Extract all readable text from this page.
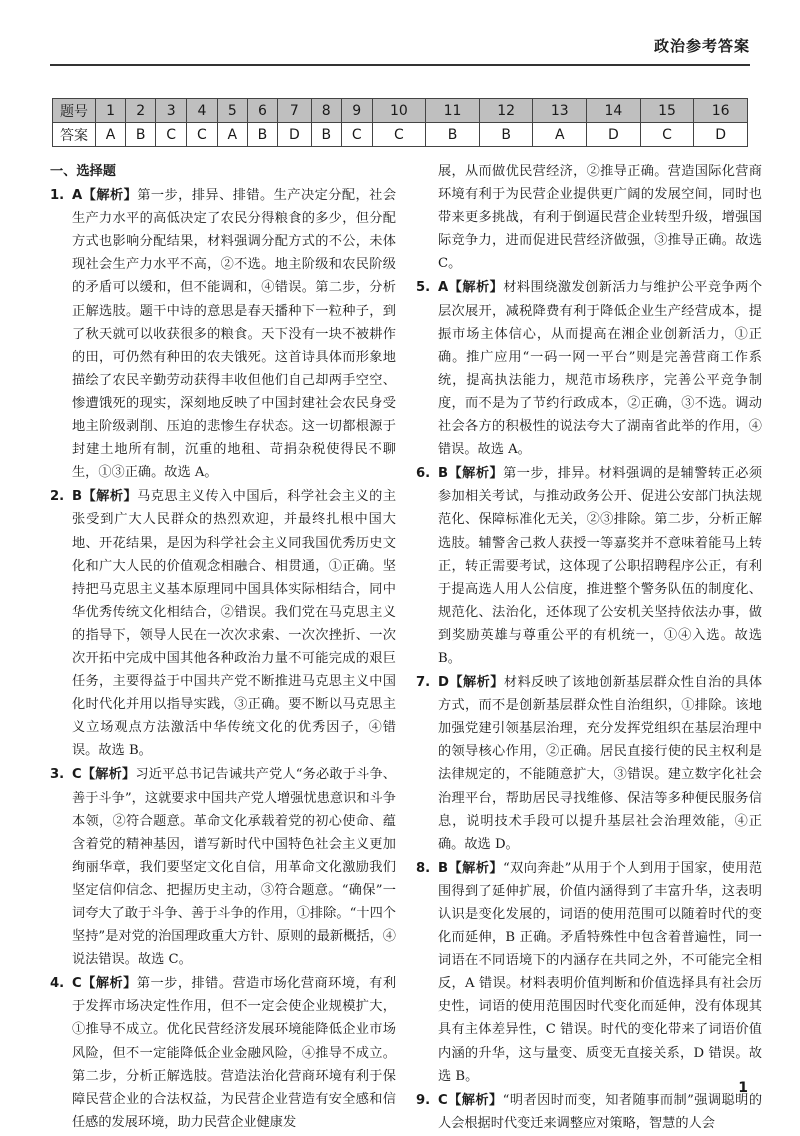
政治参考答案
题号	1	2	3	4	5	6	7	8	9	10	11	12	13	14	15	16
答案	A	B	C	C	A	B	D	B	C	C	B	B	A	D	C	D
一、选择题

1. A【解析】第一步，排异、排错。生产决定分配，社会生产力水平的高低决定了农民分得粮食的多少，但分配方式也影响分配结果，材料强调分配方式的不公，未体现社会生产力水平不高，②不选。地主阶级和农民阶级的矛盾可以缓和，但不能调和，④错误。第二步，分析正解选肢。题干中诗的意思是春天播种下一粒种子，到了秋天就可以收获很多的粮食。天下没有一块不被耕作的田，可仍然有种田的农夫饿死。这首诗具体而形象地描绘了农民辛勤劳动获得丰收但他们自己却两手空空、惨遭饿死的现实，深刻地反映了中国封建社会农民身受地主阶级剥削、压迫的悲惨生存状态。这一切都根源于封建土地所有制，沉重的地租、苛捐杂税使得民不聊生，①③正确。故选 A。

2. B【解析】马克思主义传入中国后，科学社会主义的主张受到广大人民群众的热烈欢迎，并最终扎根中国大地、开花结果，是因为科学社会主义同我国优秀历史文化和广大人民的价值观念相融合、相贯通，①正确。坚持把马克思主义基本原理同中国具体实际相结合，同中华优秀传统文化相结合，②错误。我们党在马克思主义的指导下，领导人民在一次次求索、一次次挫折、一次次开拓中完成中国其他各种政治力量不可能完成的艰巨任务，主要得益于中国共产党不断推进马克思主义中国化时代化并用以指导实践，③正确。要不断以马克思主义立场观点方法激活中华传统文化的优秀因子，④错误。故选 B。

3. C【解析】习近平总书记告诫共产党人“务必敢于斗争、善于斗争”，这就要求中国共产党人增强忧患意识和斗争本领，②符合题意。革命文化承载着党的初心使命、蕴含着党的精神基因，谱写新时代中国特色社会主义更加绚丽华章，我们要坚定文化自信，用革命文化激励我们坚定信仰信念、把握历史主动，③符合题意。“确保”一词夸大了敢于斗争、善于斗争的作用，①排除。“十四个坚持”是对党的治国理政重大方针、原则的最新概括，④说法错误。故选 C。

4. C【解析】第一步，排错。营造市场化营商环境，有利于发挥市场决定性作用，但不一定会使企业规模扩大，①推导不成立。优化民营经济发展环境能降低企业市场风险，但不一定能降低企业金融风险，④推导不成立。第二步，分析正解选肢。营造法治化营商环境有利于保障民营企业的合法权益，为民营企业营造有安全感和信任感的发展环境，助力民营企业健康发

展，从而做优民营经济，②推导正确。营造国际化营商环境有利于为民营企业提供更广阔的发展空间，同时也带来更多挑战，有利于倒逼民营企业转型升级，增强国际竞争力，进而促进民营经济做强，③推导正确。故选 C。

5. A【解析】材料围绕激发创新活力与维护公平竞争两个层次展开，减税降费有利于降低企业生产经营成本，提振市场主体信心，从而提高在湘企业创新活力，①正确。推广应用“一码一网一平台”则是完善营商工作系统，提高执法能力，规范市场秩序，完善公平竞争制度，而不是为了节约行政成本，②正确，③不选。调动社会各方的积极性的说法夸大了湖南省此举的作用，④错误。故选 A。

6. B【解析】第一步，排异。材料强调的是辅警转正必须参加相关考试，与推动政务公开、促进公安部门执法规范化、保障标准化无关，②③排除。第二步，分析正解选肢。辅警舍己救人获授一等嘉奖并不意味着能马上转正，转正需要考试，这体现了公职招聘程序公正，有利于提高选人用人公信度，推进整个警务队伍的制度化、规范化、法治化，还体现了公安机关坚持依法办事，做到奖励英雄与尊重公平的有机统一，①④入选。故选 B。

7. D【解析】材料反映了该地创新基层群众性自治的具体方式，而不是创新基层群众性自治组织，①排除。该地加强党建引领基层治理，充分发挥党组织在基层治理中的领导核心作用，②正确。居民直接行使的民主权利是法律规定的，不能随意扩大，③错误。建立数字化社会治理平台，帮助居民寻找维修、保洁等多种便民服务信息，说明技术手段可以提升基层社会治理效能，④正确。故选 D。

8. B【解析】“双向奔赴”从用于个人到用于国家，使用范围得到了延伸扩展，价值内涵得到了丰富升华，这表明认识是变化发展的，词语的使用范围可以随着时代的变化而延伸，B 正确。矛盾特殊性中包含着普遍性，同一词语在不同语境下的内涵存在共同之外，不可能完全相反，A 错误。材料表明价值判断和价值选择具有社会历史性，词语的使用范围因时代变化而延伸，没有体现其具有主体差异性，C 错误。时代的变化带来了词语价值内涵的升华，这与量变、质变无直接关系，D 错误。故选 B。

9. C【解析】“明者因时而变，知者随事而制”强调聪明的人会根据时代变迁来调整应对策略，智慧的人会

1
